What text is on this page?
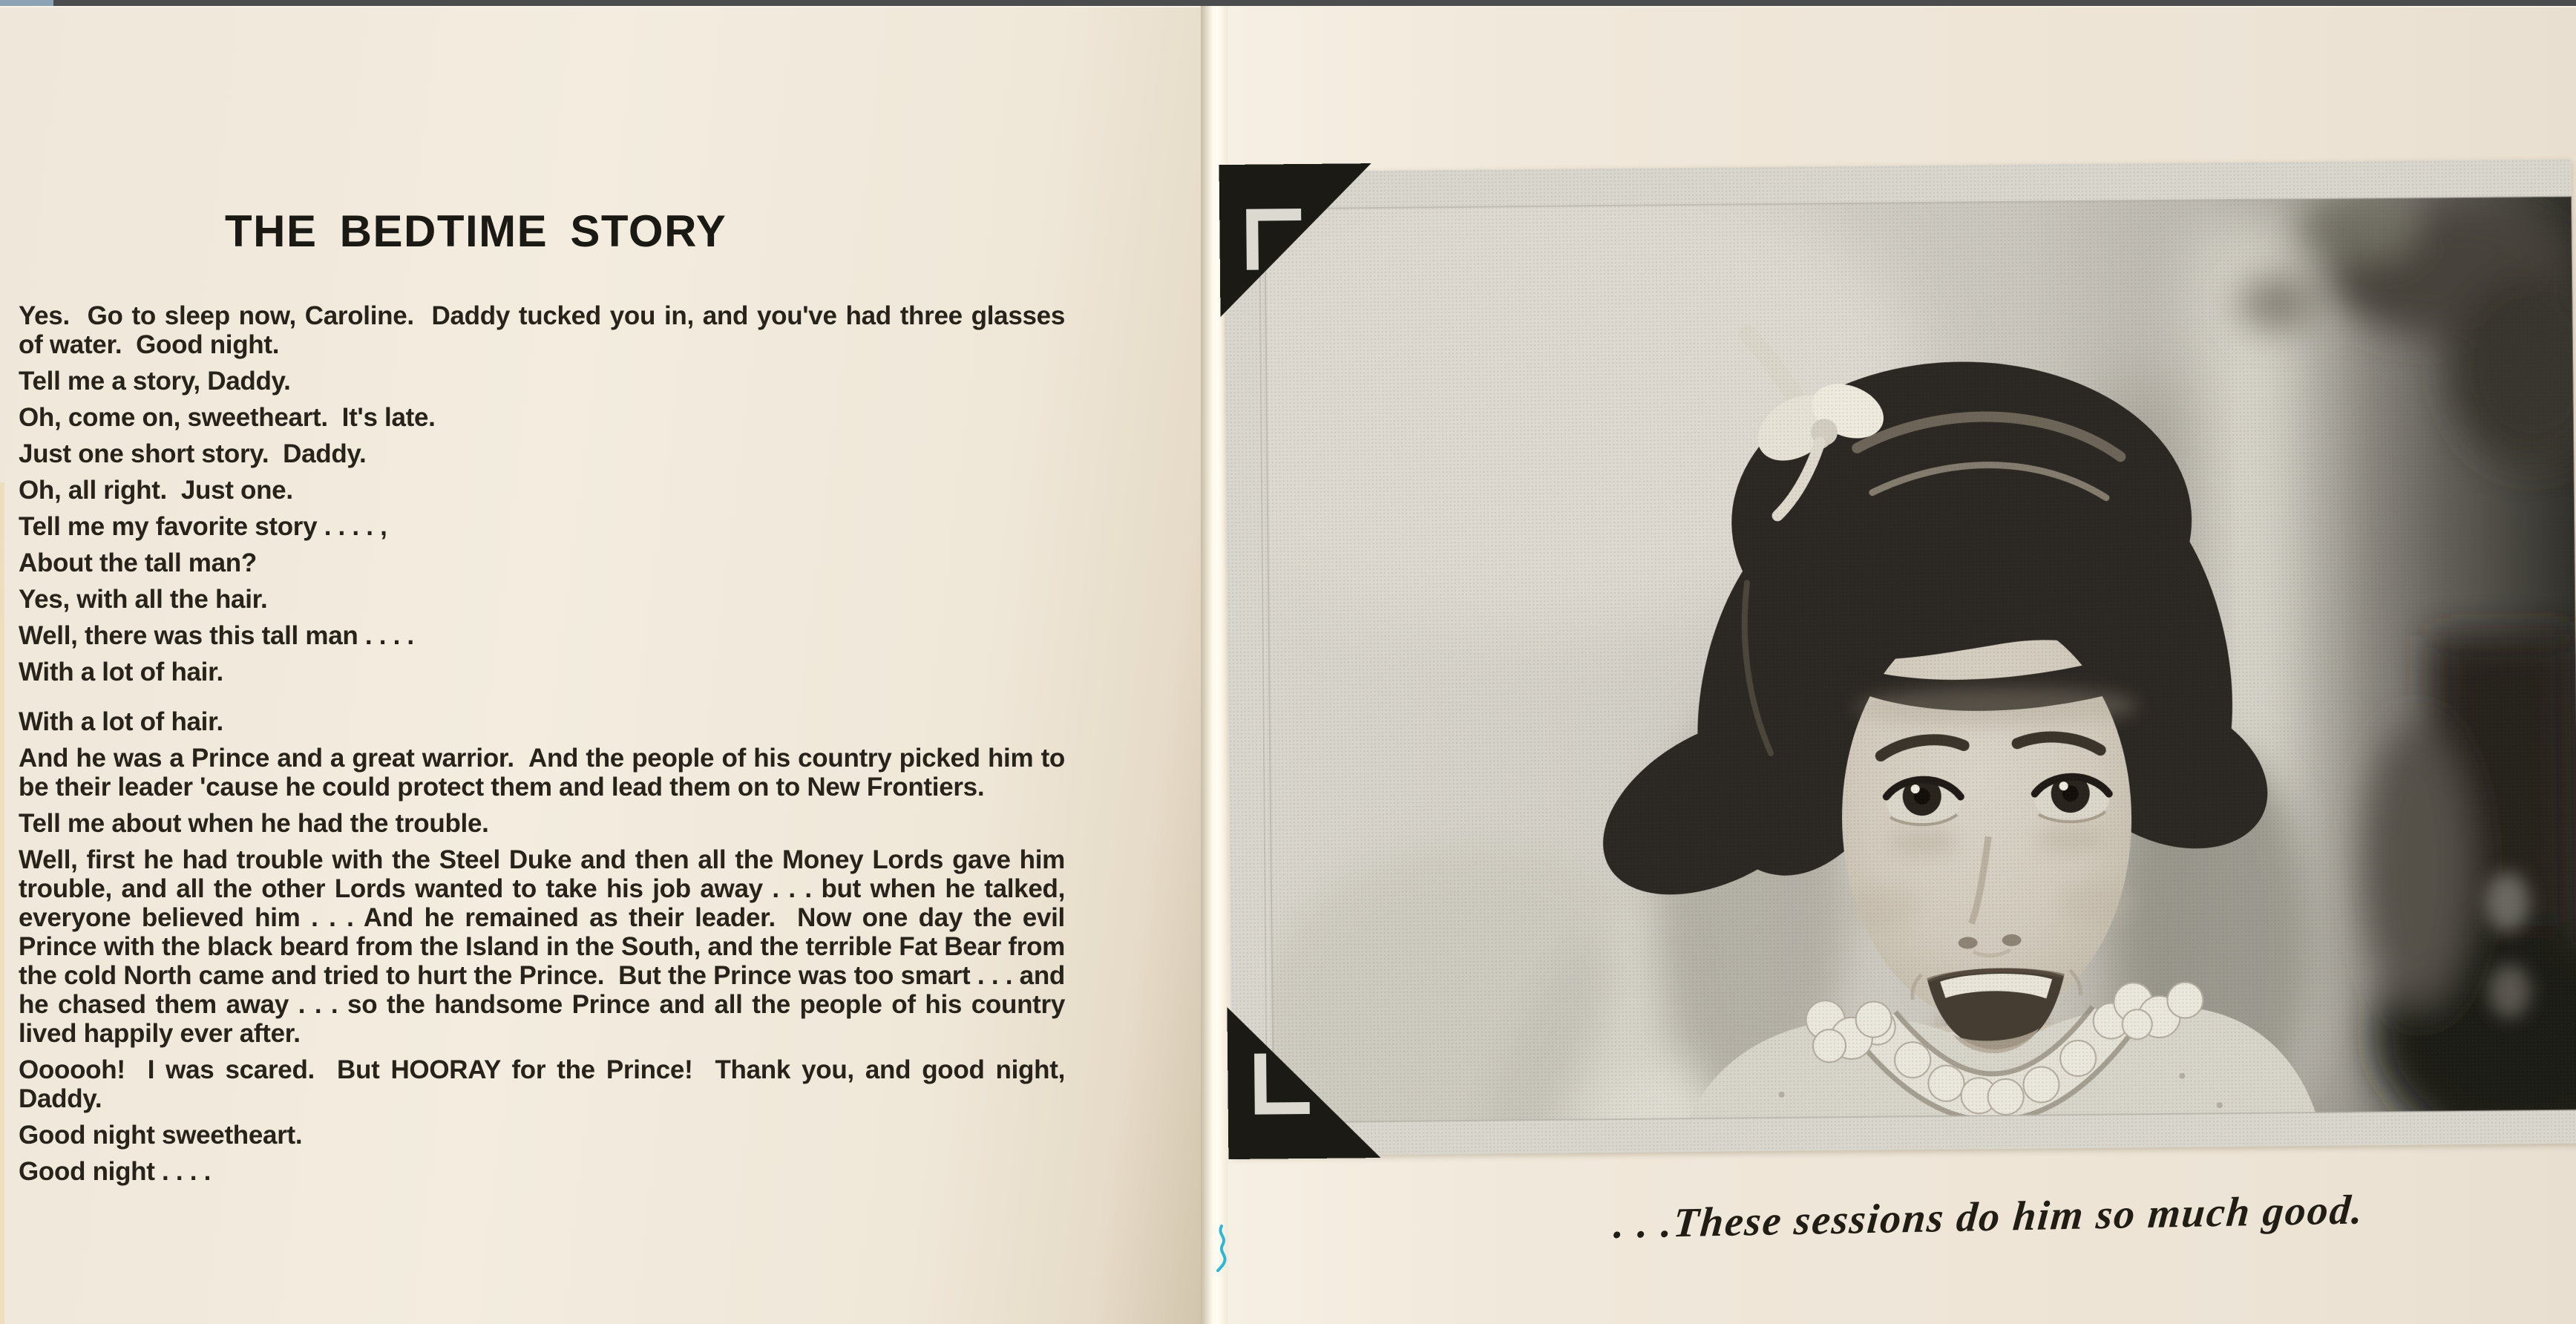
THE BEDTIME STORY

Yes.  Go to sleep now, Caroline.  Daddy tucked you in, and you've had three glasses of water.  Good night.

Tell me a story, Daddy.

Oh, come on, sweetheart.  It's late.

Just one short story.  Daddy.

Oh, all right.  Just one.

Tell me my favorite story . . . . ,

About the tall man?

Yes, with all the hair.

Well, there was this tall man . . . .

With a lot of hair.

With a lot of hair.

And he was a Prince and a great warrior.  And the people of his country picked him to be their leader 'cause he could protect them and lead them on to New Frontiers.

Tell me about when he had the trouble.

Well, first he had trouble with the Steel Duke and then all the Money Lords gave him trouble, and all the other Lords wanted to take his job away . . . but when he talked, everyone believed him . . . And he remained as their leader.  Now one day the evil Prince with the black beard from the Island in the South, and the terrible Fat Bear from the cold North came and tried to hurt the Prince.  But the Prince was too smart . . . and he chased them away . . . so the handsome Prince and all the people of his country lived happily ever after.

Oooooh!  I was scared.  But HOORAY for the Prince!  Thank you, and good night, Daddy.

Good night sweetheart.

Good night . . . .

. . .These sessions do him so much good.
